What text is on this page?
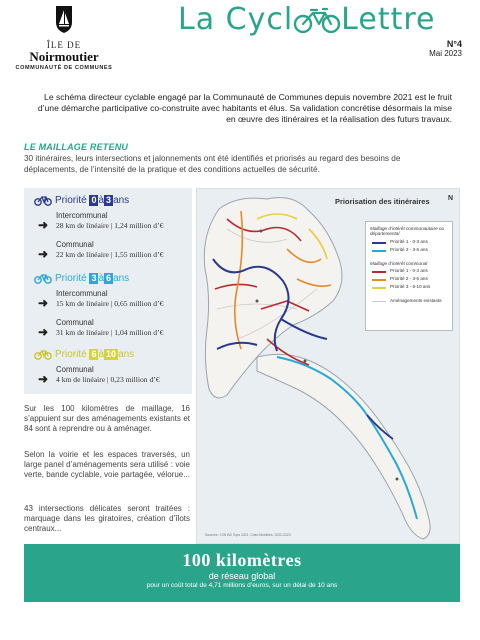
ÎLE DE
Noirmoutier
COMMUNAUTÉ DE COMMUNES
La Cycl Lettre
N°4
Mai 2023
Le schéma directeur cyclable engagé par la Communauté de Communes depuis novembre 2021 est le fruit d’une démarche participative co-construite avec habitants et élus. Sa validation concrétise désormais la mise en œuvre des itinéraires et la réalisation des futurs travaux.
LE MAILLAGE RETENU
30 itinéraires, leurs intersections et jalonnements ont été identifiés et priorisés au regard des besoins de déplacements, de l’intensité de la pratique et des conditions actuelles de sécurité.
Priorité 0 à 3 ans
➜
Intercommunal
28 km de linéaire | 1,24 million d’€
➜
Communal
22 km de linéaire | 1,55 million d’€
Priorité 3 à 6 ans
➜
Intercommunal
15 km de linéaire | 0,65 million d’€
➜
Communal
31 km de linéaire | 1,04 million d’€
Priorité 6 à 10 ans
➜
Communal
4 km de linéaire | 0,23 million d’€
Sur les 100 kilomètres de maillage, 16 s’appuient sur des aménagements existants et 84 sont à reprendre ou à aménager.
Selon la voirie et les espaces traversés, un large panel d’aménagements sera utilisé : voie verte, bande cyclable, voie partagée, vélorue...
43 intersections délicates seront traitées : marquage dans les giratoires, création d’îlots centraux...
Priorisation des itinéraires	N
Maillage d’intérêt communautaire ou départemental
Priorité 1 - 0-3 ans
Priorité 2 - 3-6 ans
Maillage d’intérêt communal
Priorité 1 - 0-3 ans
Priorité 2 - 3-6 ans
Priorité 3 - 6-10 ans
Aménagements existants
Sources : IGN BD Topo 2021, Citec Mobilités, 2022-2023
100 kilomètres
de réseau global
pour un coût total de 4,71 millions d’euros, sur un délai de 10 ans
